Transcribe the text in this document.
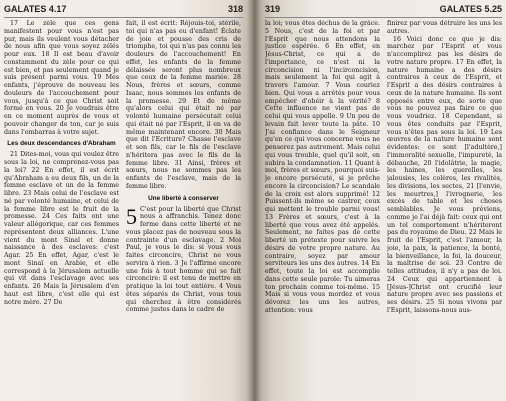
GALATES 4.17	318

17 Le zèle que ces gens manifestent pour vous n'est pas pur, mais ils veulent vous détacher de nous afin que vous soyez zélés pour eux. 18 Il est beau d'avoir constamment du zèle pour ce qui est bien, et pas seulement quand je suis présent parmi vous. 19 Mes enfants, j'éprouve de nouveau les douleurs de l'accouchement pour vous, jusqu'à ce que Christ soit formé en vous. 20 Je voudrais être en ce moment auprès de vous et pouvoir changer de ton, car je suis dans l'embarras à votre sujet.

Les deux descendances d'Abraham

21 Dites-moi, vous qui voulez être sous la loi, ne comprenez-vous pas la loi? 22 En effet, il est écrit qu'Abraham a eu deux fils, un de la femme esclave et un de la femme libre. 23 Mais celui de l'esclave est né par volonté humaine, et celui de la femme libre est le fruit de la promesse. 24 Ces faits ont une valeur allégorique, car ces femmes représentent deux alliances. L'une vient du mont Sinaï et donne naissance à des esclaves: c'est Agar. 25 En effet, Agar, c'est le mont Sinaï en Arabie, et elle correspond à la Jérusalem actuelle qui vit dans l'esclavage avec ses enfants. 26 Mais la Jérusalem d'en haut est libre, c'est elle qui est notre mère. 27 De

fait, il est écrit: Réjouis-toi, stérile, toi qui n'as pas eu d'enfant! Éclate de joie et pousse des cris de triomphe, toi qui n'as pas connu les douleurs de l'accouchement! En effet, les enfants de la femme délaissée seront plus nombreux que ceux de la femme mariée. 28 Nous, frères et sœurs, comme Isaac, nous sommes les enfants de la promesse. 29 Et de même qu'alors celui qui était né par volonté humaine persécutait celui qui était né par l'Esprit, il en va de même maintenant encore. 30 Mais que dit l'Ecriture? Chasse l'esclave et son fils, car le fils de l'esclave n'héritera pas avec le fils de la femme libre. 31 Ainsi, frères et sœurs, nous ne sommes pas les enfants de l'esclave, mais de la femme libre.

Une liberté à conserver

5 C'est pour la liberté que Christ nous a affranchis. Tenez donc ferme dans cette liberté et ne vous placez pas de nouveau sous la contrainte d'un esclavage. 2 Moi Paul, je vous le dis: si vous vous faites circoncire, Christ ne vous servira à rien. 3 Je l'affirme encore une fois à tout homme qui se fait circoncire: il est tenu de mettre en pratique la loi tout entière. 4 Vous êtes séparés de Christ, vous tous qui cherchez à être considérés comme justes dans le cadre de

319	GALATES 5.25

la loi; vous êtes déchus de la grâce. 5 Nous, c'est de la foi et par l'Esprit que nous attendons la justice espérée. 6 En effet, en Jésus-Christ, ce qui a de l'importance, ce n'est ni la circoncision ni l'incirconcision, mais seulement la foi qui agit à travers l'amour. 7 Vous couriez bien. Qui vous a arrêtés pour vous empêcher d'obéir à la vérité? 8 Cette influence ne vient pas de celui qui vous appelle. 9 Un peu de levain fait lever toute la pâte. 10 J'ai confiance dans le Seigneur qu'en ce qui vous concerne vous ne penserez pas autrement. Mais celui qui vous trouble, quel qu'il soit, en subira la condamnation. 11 Quant à moi, frères et sœurs, pourquoi suis-je encore persécuté, si je prêche encore la circoncision? Le scandale de la croix est alors supprimé! 12 Puissent-ils même se castrer, ceux qui mettent le trouble parmi vous! 13 Frères et sœurs, c'est à la liberté que vous avez été appelés. Seulement, ne faites pas de cette liberté un prétexte pour suivre les désirs de votre propre nature. Au contraire, soyez par amour serviteurs les uns des autres. 14 En effet, toute la loi est accomplie dans cette seule parole: Tu aimeras ton prochain comme toi-même. 15 Mais si vous vous mordez et vous dévorez les uns les autres, attention: vous

finirez par vous détruire les uns les autres.

16 Voici donc ce que je dis: marchez par l'Esprit et vous n'accomplirez pas les désirs de votre nature propre. 17 En effet, la nature humaine a des désirs contraires à ceux de l'Esprit, et l'Esprit a des désirs contraires à ceux de la nature humaine. Ils sont opposés entre eux, de sorte que vous ne pouvez pas faire ce que vous voudriez. 18 Cependant, si vous êtes conduits par l'Esprit, vous n'êtes pas sous la loi. 19 Les œuvres de la nature humaine sont évidentes: ce sont [l'adultère,] l'immoralité sexuelle, l'impureté, la débauche, 20 l'idolâtrie, la magie, les haines, les querelles, les jalousies, les colères, les rivalités, les divisions, les sectes, 21 [l'envie, les meurtres,] l'ivrognerie, les excès de table et les choses semblables. Je vous préviens, comme je l'ai déjà fait: ceux qui ont un tel comportement n'hériteront pas du royaume de Dieu. 22 Mais le fruit de l'Esprit, c'est l'amour, la joie, la paix, la patience, la bonté, la bienveillance, la foi, la douceur, la maîtrise de soi. 23 Contre de telles attitudes, il n'y a pas de loi. 24 Ceux qui appartiennent à [Jésus-]Christ ont crucifié leur nature propre avec ses passions et ses désirs. 25 Si nous vivons par l'Esprit, laissons-nous aus-
